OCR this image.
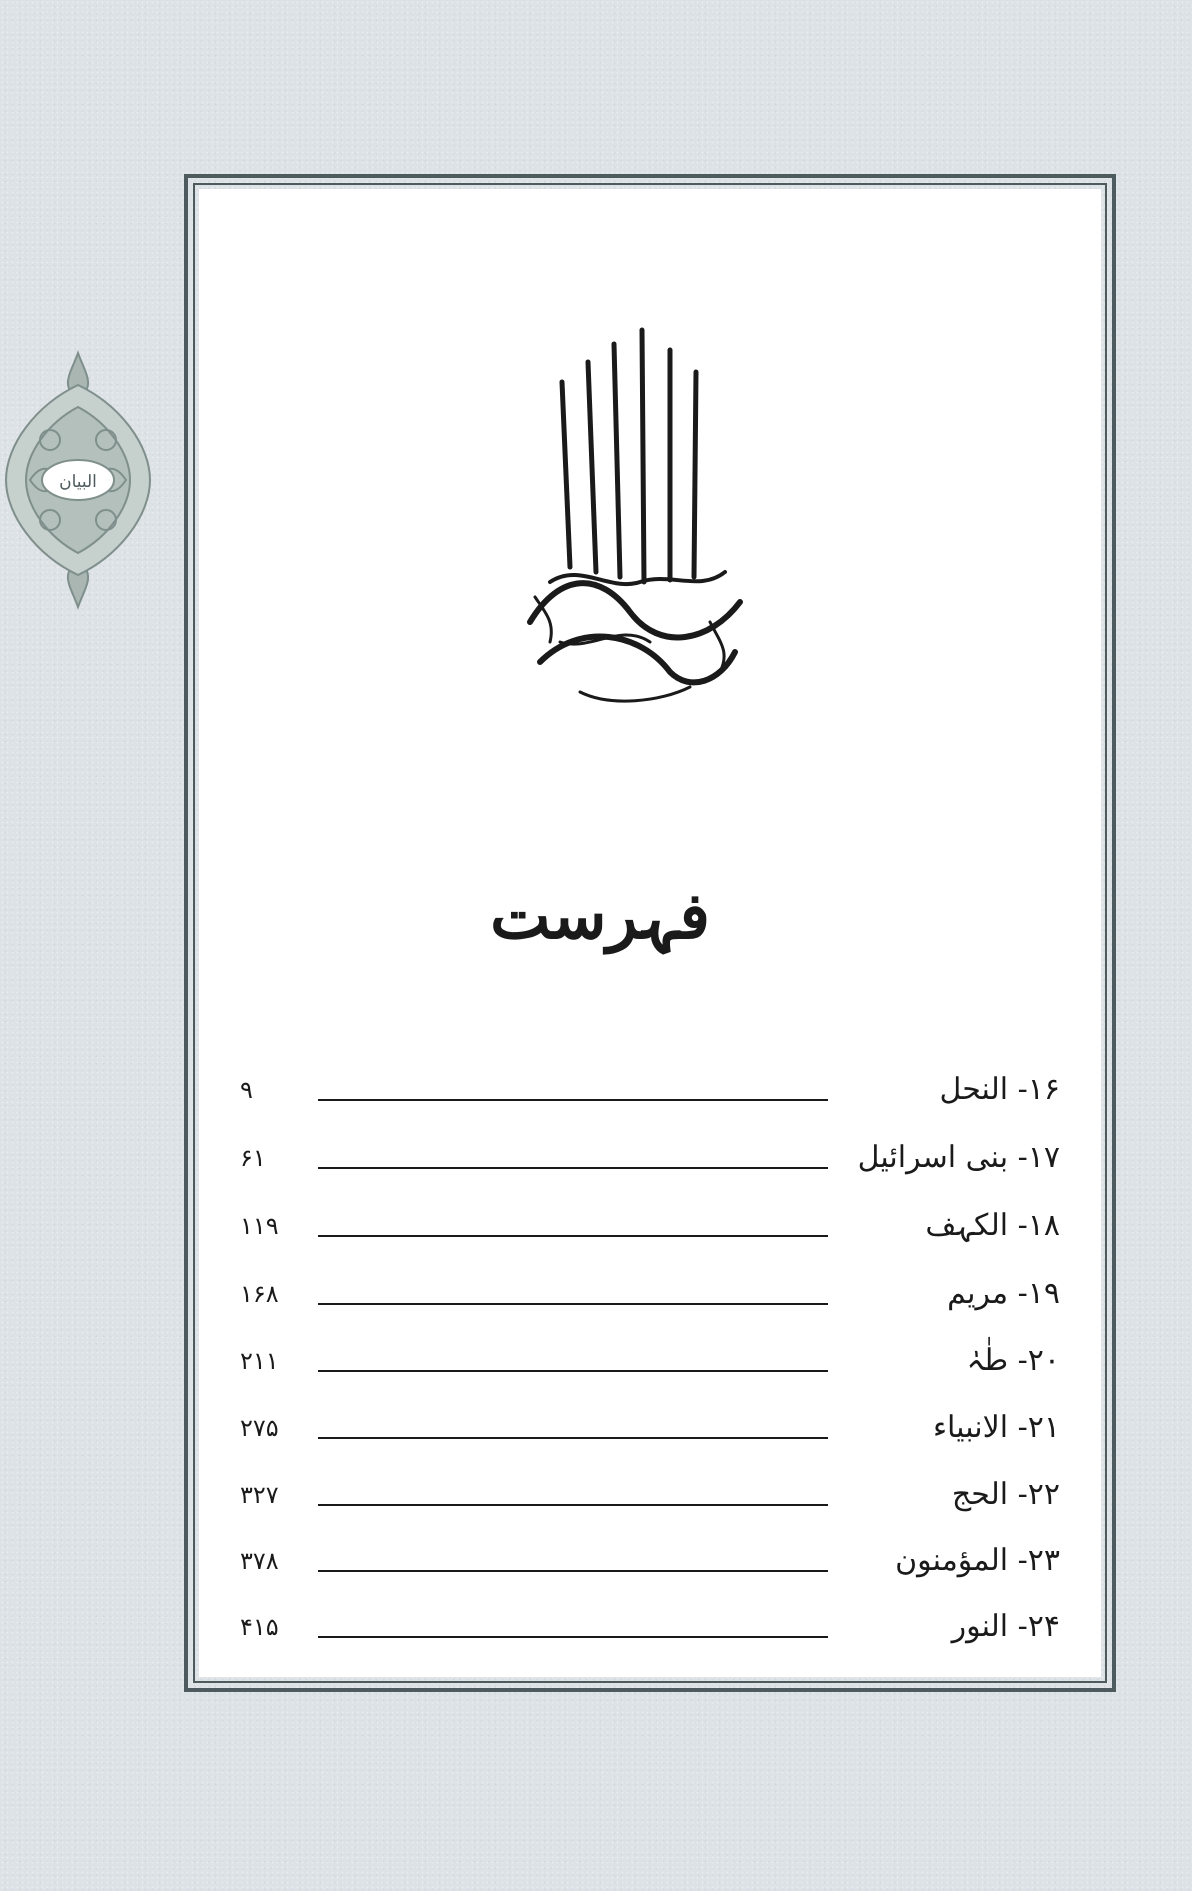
البیان
فہرست
۱۶- النحل
۹
۱۷- بنی اسرائیل
۶۱
۱۸- الکہف
۱۱۹
۱۹- مریم
۱۶۸
۲۰- طٰہٰ
۲۱۱
۲۱- الانبیاء
۲۷۵
۲۲- الحج
۳۲۷
۲۳- المؤمنون
۳۷۸
۲۴- النور
۴۱۵
